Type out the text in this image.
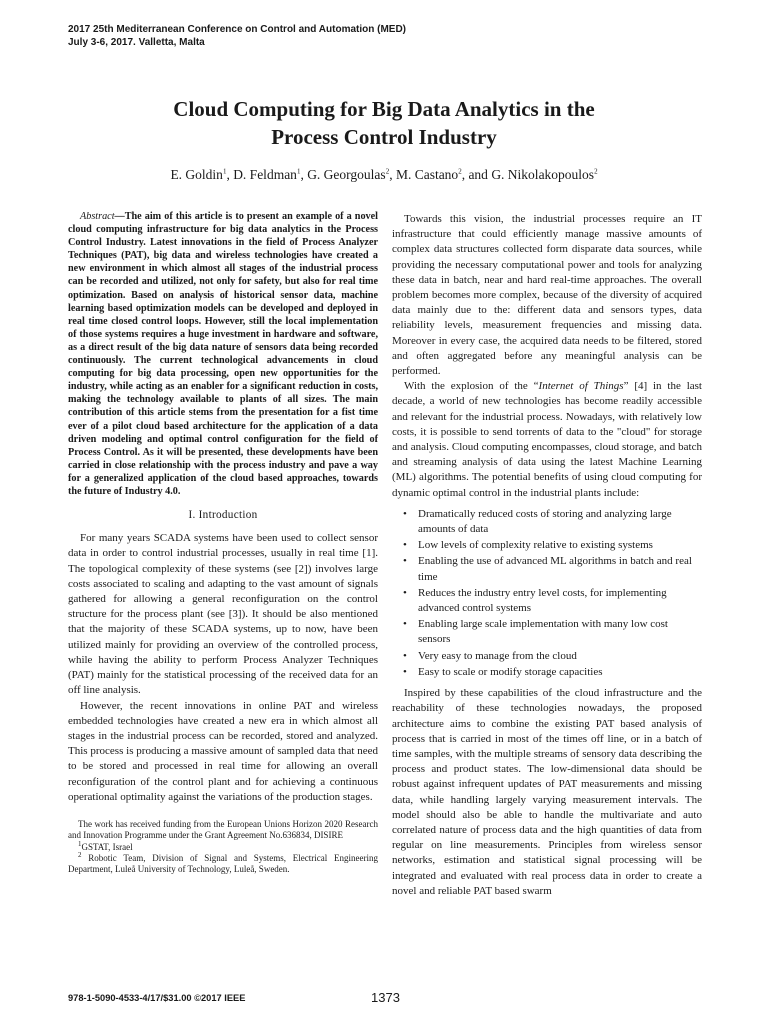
2017 25th Mediterranean Conference on Control and Automation (MED)
July 3-6, 2017. Valletta, Malta
Cloud Computing for Big Data Analytics in the
Process Control Industry
E. Goldin$^1$, D. Feldman$^1$, G. Georgoulas$^2$, M. Castano$^2$, and G. Nikolakopoulos$^2$

Abstract—The aim of this article is to present an example of a novel cloud computing infrastructure for big data analytics in the Process Control Industry. Latest innovations in the field of Process Analyzer Techniques (PAT), big data and wireless technologies have created a new environment in which almost all stages of the industrial process can be recorded and utilized, not only for safety, but also for real time optimization. Based on analysis of historical sensor data, machine learning based optimization models can be developed and deployed in real time closed control loops. However, still the local implementation of those systems requires a huge investment in hardware and software, as a direct result of the big data nature of sensors data being recorded continuously. The current technological advancements in cloud computing for big data processing, open new opportunities for the industry, while acting as an enabler for a significant reduction in costs, making the technology available to plants of all sizes. The main contribution of this article stems from the presentation for a fist time ever of a pilot cloud based architecture for the application of a data driven modeling and optimal control configuration for the field of Process Control. As it will be presented, these developments have been carried in close relationship with the process industry and pave a way for a generalized application of the cloud based approaches, towards the future of Industry 4.0.

I. Introduction

For many years SCADA systems have been used to collect sensor data in order to control industrial processes, usually in real time [1]. The topological complexity of these systems (see [2]) involves large costs associated to scaling and adapting to the vast amount of signals gathered for allowing a general reconfiguration on the control structure for the process plant (see [3]). It should be also mentioned that the majority of these SCADA systems, up to now, have been utilized mainly for providing an overview of the controlled process, while having the ability to perform Process Analyzer Techniques (PAT) mainly for the statistical processing of the received data for an off line analysis.

However, the recent innovations in online PAT and wireless embedded technologies have created a new era in which almost all stages in the industrial process can be recorded, stored and analyzed. This process is producing a massive amount of sampled data that need to be stored and processed in real time for allowing an overall reconfiguration of the control plant and for achieving a continuous operational optimality against the variations of the production stages.

The work has received funding from the European Unions Horizon 2020 Research and Innovation Programme under the Grant Agreement No.636834, DISIRE

$^1$GSTAT, Israel

$^2$ Robotic Team, Division of Signal and Systems, Electrical Engineering Department, Luleå University of Technology, Luleå, Sweden.

Towards this vision, the industrial processes require an IT infrastructure that could efficiently manage massive amounts of complex data structures collected form disparate data sources, while providing the necessary computational power and tools for analyzing these data in batch, near and hard real-time approaches. The overall problem becomes more complex, because of the diversity of acquired data mainly due to the: different data and sensors types, data reliability levels, measurement frequencies and missing data. Moreover in every case, the acquired data needs to be filtered, stored and often aggregated before any meaningful analysis can be performed.

With the explosion of the “Internet of Things” [4] in the last decade, a world of new technologies has become readily accessible and relevant for the industrial process. Nowadays, with relatively low costs, it is possible to send torrents of data to the "cloud" for storage and analysis. Cloud computing encompasses, cloud storage, and batch and streaming analysis of data using the latest Machine Learning (ML) algorithms. The potential benefits of using cloud computing for dynamic optimal control in the industrial plants include:

• Dramatically reduced costs of storing and analyzing large amounts of data
• Low levels of complexity relative to existing systems
• Enabling the use of advanced ML algorithms in batch and real time
• Reduces the industry entry level costs, for implementing advanced control systems
• Enabling large scale implementation with many low cost sensors
• Very easy to manage from the cloud
• Easy to scale or modify storage capacities

Inspired by these capabilities of the cloud infrastructure and the reachability of these technologies nowadays, the proposed architecture aims to combine the existing PAT based analysis of process that is carried in most of the times off line, or in a batch of time samples, with the multiple streams of sensory data describing the process and product states. The low-dimensional data should be robust against infrequent updates of PAT measurements and missing data, while handling largely varying measurement intervals. The model should also be able to handle the multivariate and auto correlated nature of process data and the high quantities of data from regular on line measurements. Principles from wireless sensor networks, estimation and statistical signal processing will be integrated and evaluated with real process data in order to create a novel and reliable PAT based swarm

978-1-5090-4533-4/17/$31.00 ©2017 IEEE	1373
